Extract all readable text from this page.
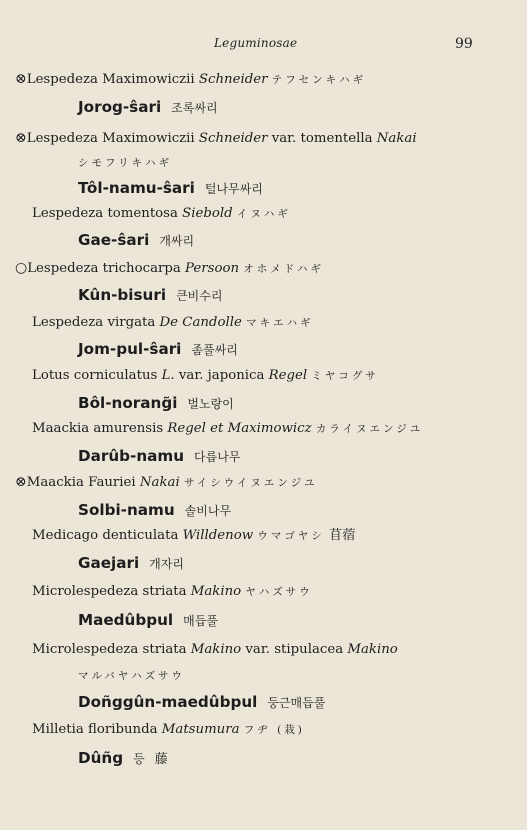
Leguminosae	99
⊗Lespedeza Maximowiczii Schneider テフセンキハギ
Jorog-ŝari 조록싸리
⊗Lespedeza Maximowiczii Schneider var. tomentella Nakai
シモフリキハギ
Tôl-namu-ŝari 털나무싸리
Lespedeza tomentosa Siebold イヌハギ
Gae-ŝari 개싸리
○Lespedeza trichocarpa Persoon オホメドハギ
Kûn-bisuri 큰비수리
Lespedeza virgata De Candolle マキエハギ
Jom-pul-ŝari 좀풀싸리
Lotus corniculatus L. var. japonica Regel ミヤコグサ
Bôl-norang̃i 벌노랑이
Maackia amurensis Regel et Maximowicz カライヌエンジユ
Darûb-namu 다릅나무
⊗Maackia Fauriei Nakai サイシウイヌエンジユ
Solbi-namu 솔비나무
Medicago denticulata Willdenow ウマゴヤシ 苜蓿
Gaejari 개자리
Microlespedeza striata Makino ヤハズサウ
Maedûbpul 매듭풀
Microlespedeza striata Makino var. stipulacea Makino
マルバヤハズサウ
Doñggûn-maedûbpul 둥근매듭풀
Milletia floribunda Matsumura フヂ (栽)
Dûñg 등 藤
